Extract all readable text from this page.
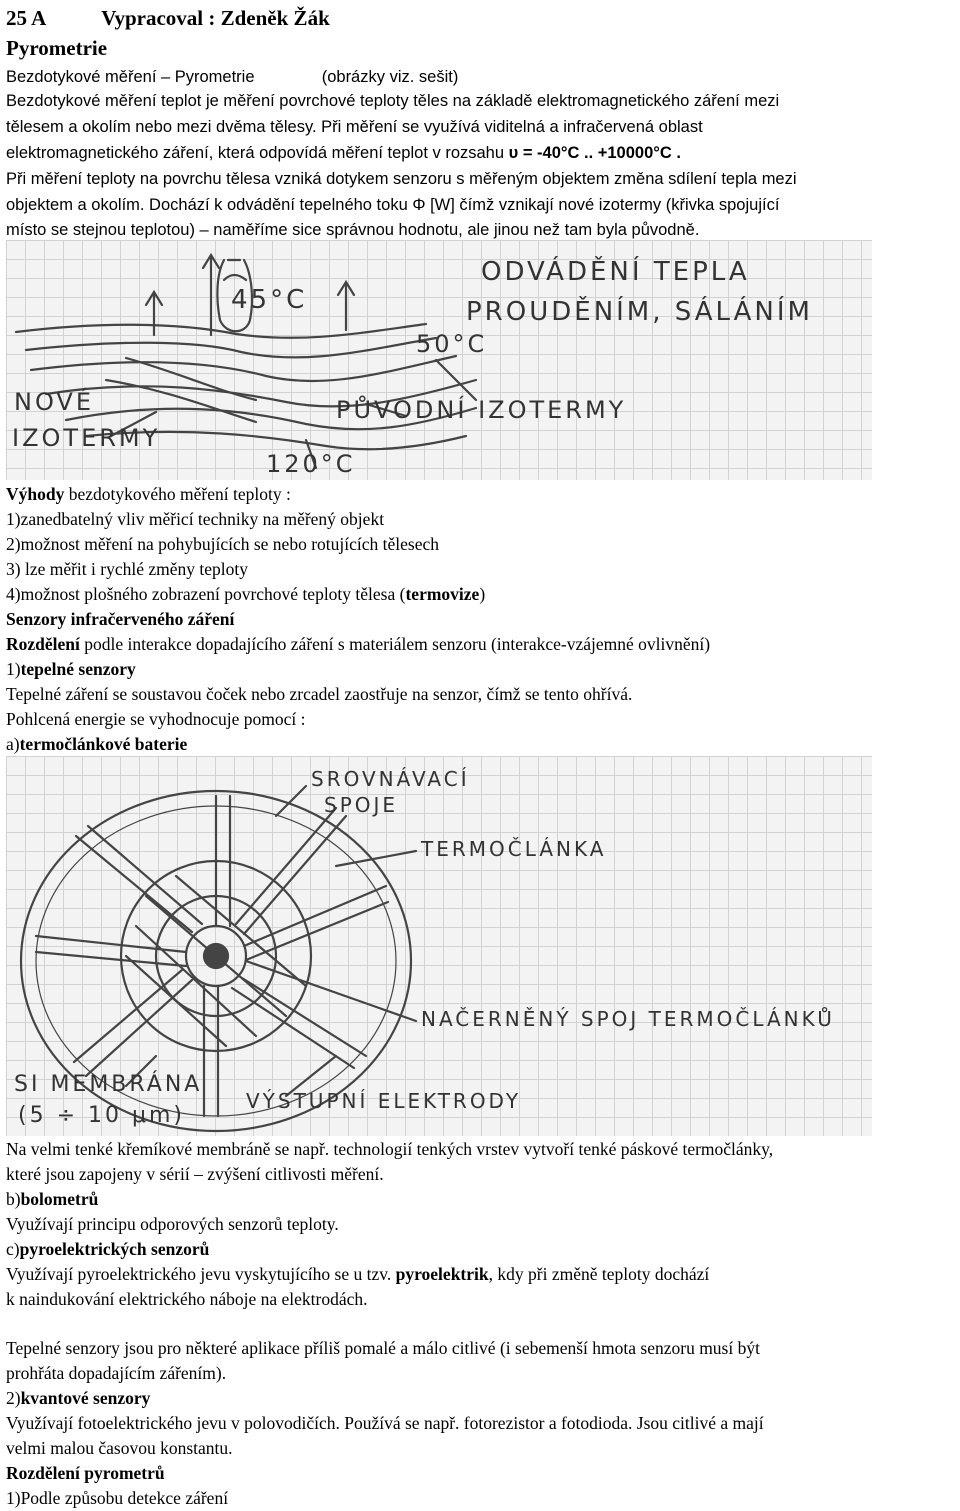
25 A	Vypracoval : Zdeněk Žák
Pyrometrie
Bezdotykové měření – Pyrometrie	(obrázky viz. sešit)
Bezdotykové měření teplot je měření povrchové teploty těles na základě elektromagnetického záření mezi
tělesem a okolím nebo mezi dvěma tělesy. Při měření se využívá viditelná a infračervená oblast
elektromagnetického záření, která odpovídá měření teplot v rozsahu υ = -40°C .. +10000°C .
Při měření teploty na povrchu tělesa vzniká dotykem senzoru s měřeným objektem změna sdílení tepla mezi
objektem a okolím. Dochází k odvádění tepelného toku Φ [W] čímž vznikají nové izotermy (křivka spojující
místo se stejnou teplotou) – naměříme sice správnou hodnotu, ale jinou než tam byla původně.
45°C
ODVÁDĚNÍ TEPLA
PROUDĚNÍM, SÁLÁNÍM
50°C
NOVÉ
IZOTERMY
PŮVODNÍ IZOTERMY
120°C
Výhody bezdotykového měření teploty :
1)zanedbatelný vliv měřicí techniky na měřený objekt
2)možnost měření na pohybujících se nebo rotujících tělesech
3) lze měřit i rychlé změny teploty
4)možnost plošného zobrazení povrchové teploty tělesa (termovize)
Senzory infračerveného záření
Rozdělení podle interakce dopadajícího záření s materiálem senzoru (interakce-vzájemné ovlivnění)
1)tepelné senzory
Tepelné záření se soustavou čoček nebo zrcadel zaostřuje na senzor, čímž se tento ohřívá.
Pohlcená energie se vyhodnocuje pomocí :
a)termočlánkové baterie
SROVNÁVACÍ
SPOJE
TERMOČLÁNKA
NAČERNĚNÝ SPOJ TERMOČLÁNKŮ
SI MEMBRÁNA
(5 ÷ 10 μm)
VÝSTUPNÍ ELEKTRODY
Na velmi tenké křemíkové membráně se např. technologií tenkých vrstev vytvoří tenké páskové termočlánky,
které jsou zapojeny v sérií – zvýšení citlivosti měření.
b)bolometrů
Využívají principu odporových senzorů teploty.
c)pyroelektrických senzorů
Využívají pyroelektrického jevu vyskytujícího se u tzv. pyroelektrik, kdy při změně teploty dochází
k naindukování elektrického náboje na elektrodách.
Tepelné senzory jsou pro některé aplikace příliš pomalé a málo citlivé (i sebemenší hmota senzoru musí být
prohřáta dopadajícím zářením).
2)kvantové senzory
Využívají fotoelektrického jevu v polovodičích. Používá se např. fotorezistor a fotodioda. Jsou citlivé a mají
velmi malou časovou konstantu.
Rozdělení pyrometrů
1)Podle způsobu detekce záření
